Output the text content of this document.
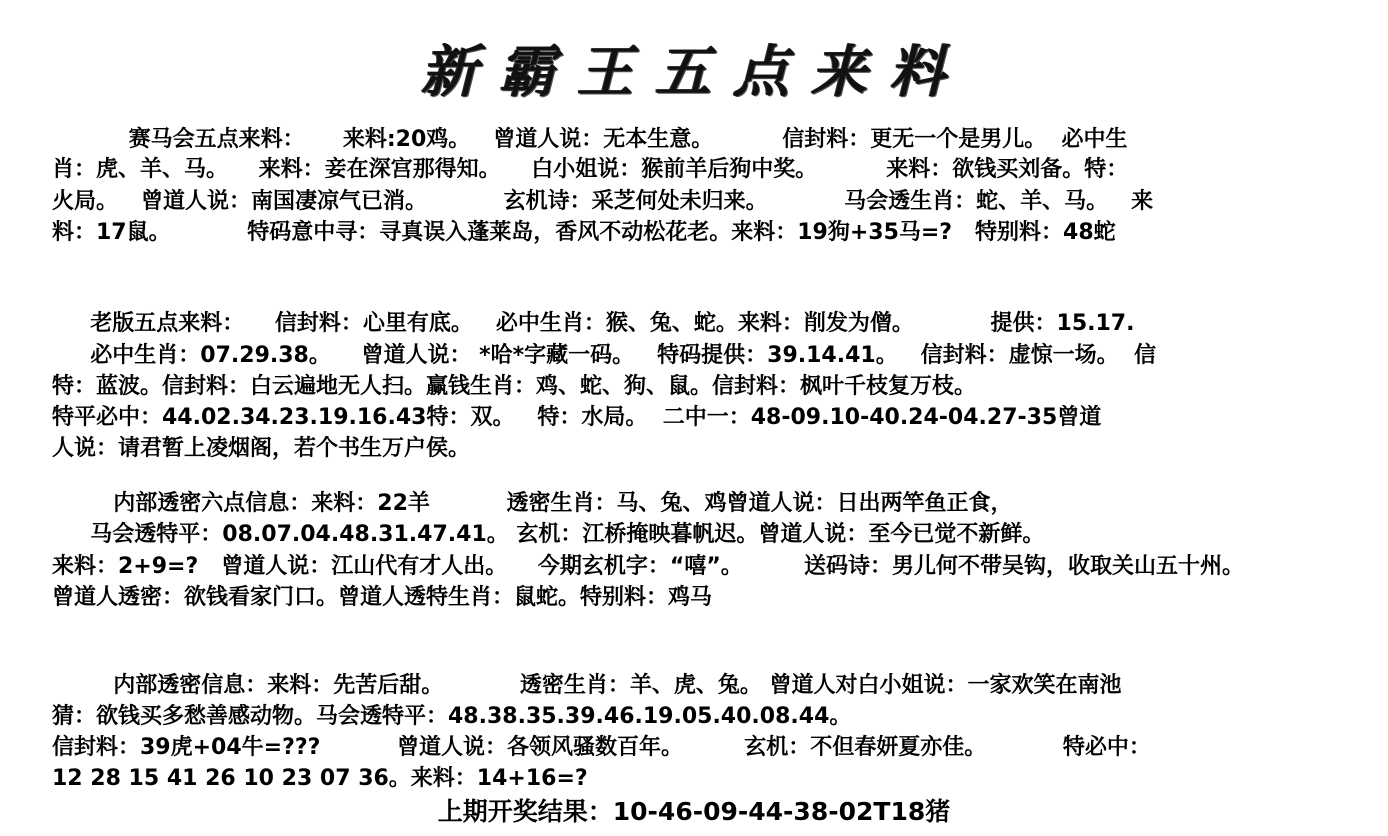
新霸王五点来料
赛马会五点来料：     来料:20鸡。   曾道人说：无本生意。         信封料：更无一个是男儿。  必中生
肖：虎、羊、马。    来料：妾在深宫那得知。    白小姐说：猴前羊后狗中奖。         来料：欲钱买刘备。特：
火局。   曾道人说：南国凄凉气已消。          玄机诗：采芝何处未归来。          马会透生肖：蛇、羊、马。   来
料：17鼠。          特码意中寻：寻真误入蓬莱岛，香风不动松花老。来料：19狗+35马=?   特别料：48蛇
老版五点来料：    信封料：心里有底。   必中生肖：猴、兔、蛇。来料：削发为僧。          提供：15.17.
必中生肖：07.29.38。    曾道人说： *哈*字藏一码。   特码提供：39.14.41。   信封料：虚惊一场。  信
特：蓝波。信封料：白云遍地无人扫。赢钱生肖：鸡、蛇、狗、鼠。信封料：枫叶千枝复万枝。
特平必中：44.02.34.23.19.16.43特：双。   特：水局。  二中一：48-09.10-40.24-04.27-35曾道
人说：请君暂上凌烟阁，若个书生万户侯。
内部透密六点信息：来料：22羊          透密生肖：马、兔、鸡曾道人说：日出两竿鱼正食，
马会透特平：08.07.04.48.31.47.41。 玄机：江桥掩映暮帆迟。曾道人说：至今已觉不新鲜。
来料：2+9=?   曾道人说：江山代有才人出。    今期玄机字：“嘻”。        送码诗：男儿何不带吴钩，收取关山五十州。
曾道人透密：欲钱看家门口。曾道人透特生肖：鼠蛇。特别料：鸡马
内部透密信息：来料：先苦后甜。          透密生肖：羊、虎、兔。 曾道人对白小姐说：一家欢笑在南池
猜：欲钱买多愁善感动物。马会透特平：48.38.35.39.46.19.05.40.08.44。
信封料：39虎+04牛=???          曾道人说：各领风骚数百年。        玄机：不但春妍夏亦佳。          特必中：
12 28 15 41 26 10 23 07 36。来料：14+16=?
上期开奖结果：10-46-09-44-38-02T18猪
